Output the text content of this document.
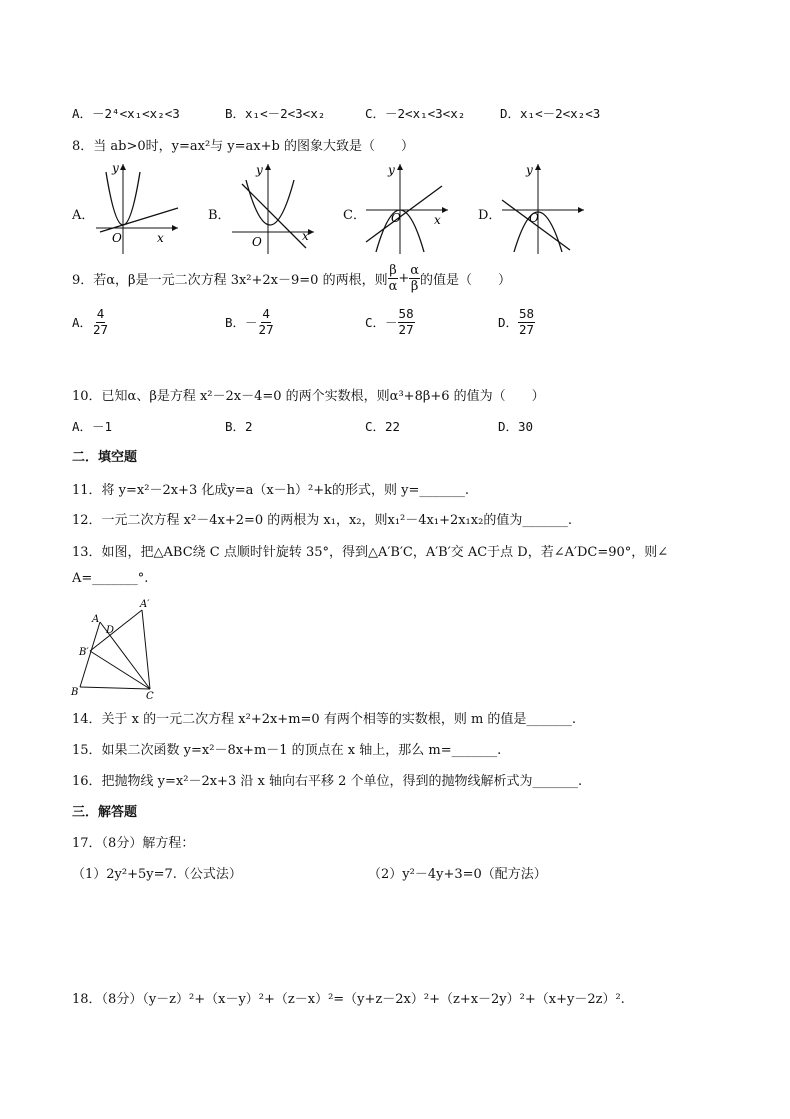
A．－2⁴<x₁<x₂<3	B．x₁<－2<3<x₂	C．－2<x₁<3<x₂	D．x₁<－2<x₂<3
8．当 ab>0时，y=ax²与 y=ax+b 的图象大致是（　　）
A．	B．	C．	D．
y
x
O
y
x
O
y
x
O
y
O
9．若α，β是一元二次方程 3x²+2x－9=0 的两根，则 $\frac{\beta}{\alpha} + \frac{\alpha}{\beta}$ 的值是（　　）
A． $\frac{4}{27}$	B． － $\frac{4}{27}$	C． － $\frac{58}{27}$	D． $\frac{58}{27}$
10．已知α、β是方程 x²－2x－4=0 的两个实数根，则α³+8β+6 的值为（　　）
A．－1	B．2	C．22	D．30
二．填空题
11．将 y=x²－2x+3 化成y=a（x－h）²+k的形式，则 y=_______.
12．一元二次方程 x²－4x+2=0 的两根为 x₁，x₂，则x₁²－4x₁+2x₁x₂的值为_______.
13．如图，把△ABC绕 C 点顺时针旋转 35°，得到△A′B′C，A′B′交 AC于点 D，若∠A′DC=90°，则∠
A=_______°.
A
A′
D
B′
B	C
14．关于 x 的一元二次方程 x²+2x+m=0 有两个相等的实数根，则 m 的值是_______.
15．如果二次函数 y=x²－8x+m－1 的顶点在 x 轴上，那么 m=_______.
16．把抛物线 y=x²－2x+3 沿 x 轴向右平移 2 个单位，得到的抛物线解析式为_______.
三．解答题
17．（8分）解方程：
（1）2y²+5y=7.（公式法）	（2）y²－4y+3=0（配方法）
18．（8分）（y－z）²+（x－y）²+（z－x）²=（y+z－2x）²+（z+x－2y）²+（x+y－2z）².
